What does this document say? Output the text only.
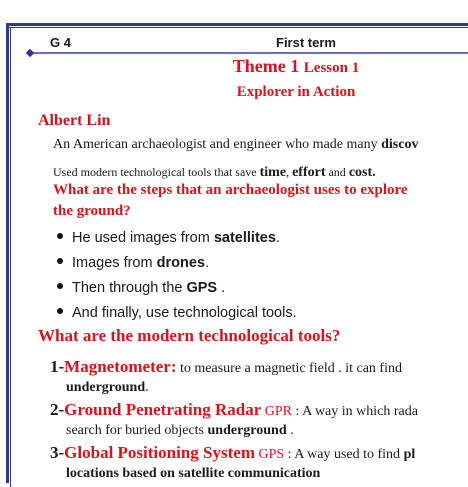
G 4	First term
Theme 1 Lesson 1
Explorer in Action
Albert Lin
An American archaeologist and engineer who made many discov
Used modern technological tools that save time, effort and cost.
What are the steps that an archaeologist uses to explore
the ground?
He used images from satellites.
Images from drones.
Then through the GPS .
And finally, use technological tools.
What are the modern technological tools?
1-Magnetometer: to measure a magnetic field . it can find
underground.
2-Ground Penetrating Radar GPR : A way in which rada
search for buried objects underground .
3-Global Positioning System GPS : A way used to find pl
locations based on satellite communication
